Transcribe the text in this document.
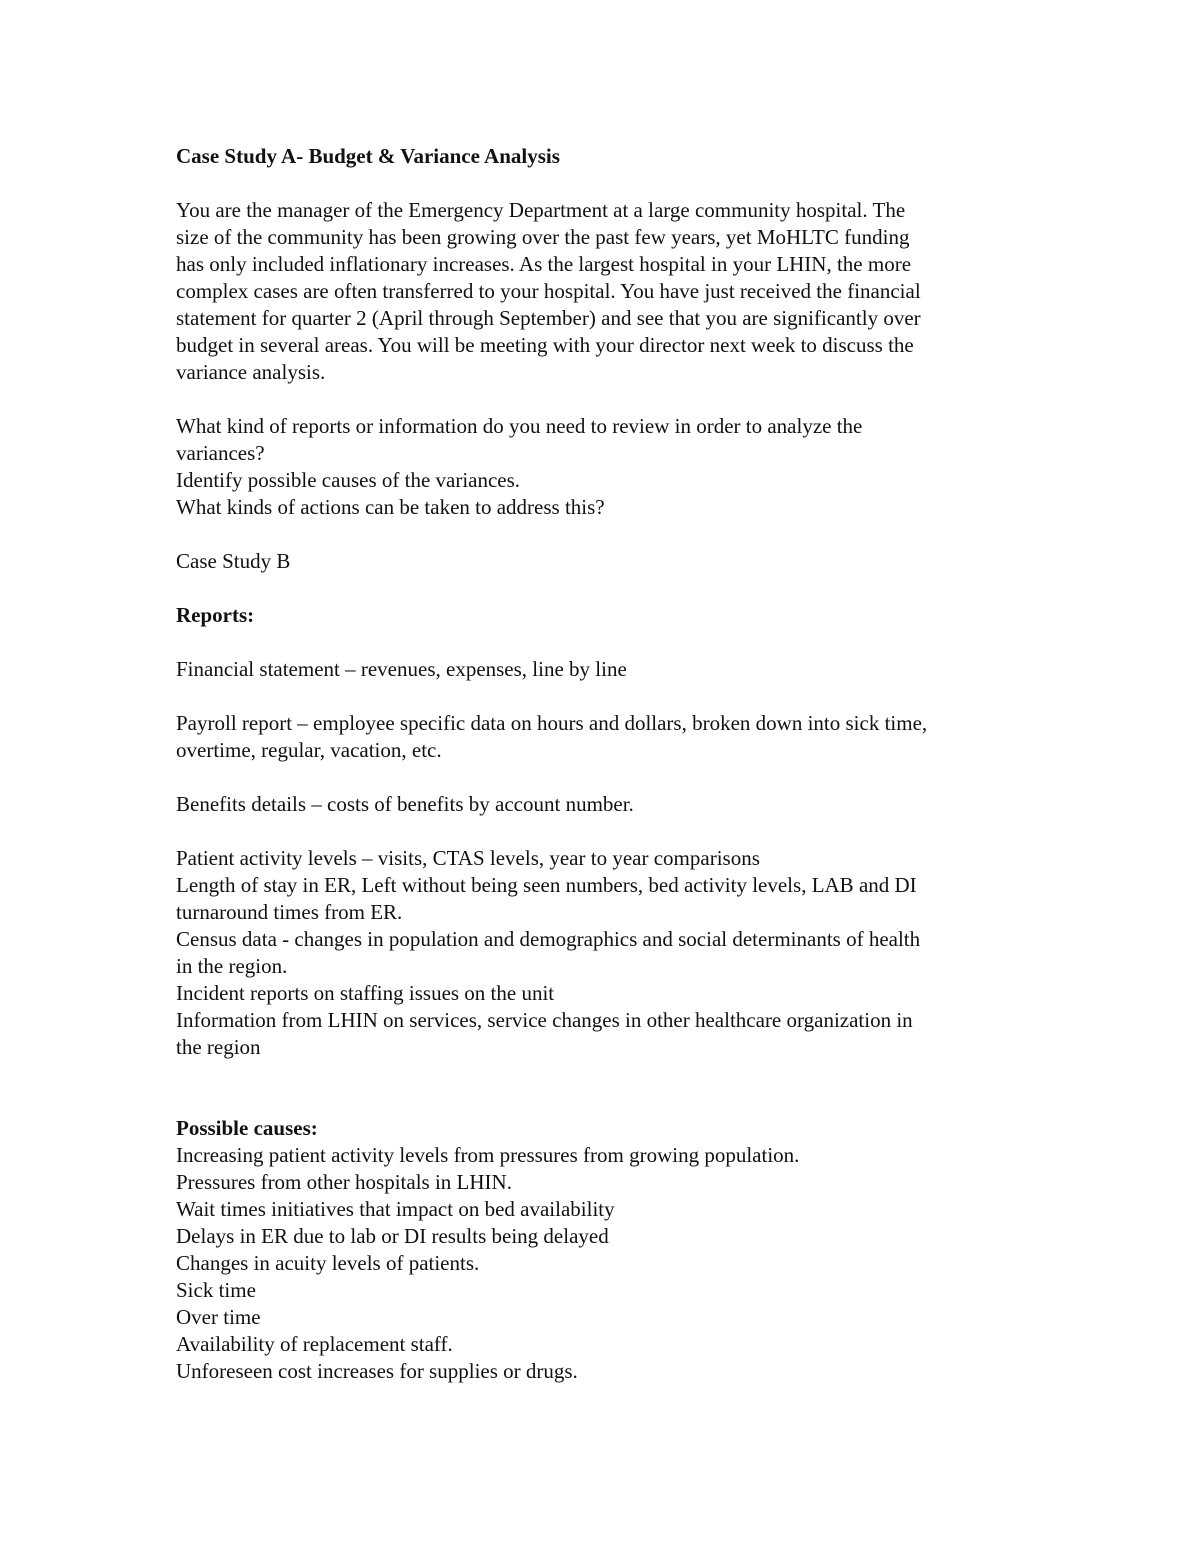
Case Study A- Budget & Variance Analysis

You are the manager of the Emergency Department at a large community hospital. The
size of the community has been growing over the past few years, yet MoHLTC funding
has only included inflationary increases. As the largest hospital in your LHIN, the more
complex cases are often transferred to your hospital. You have just received the financial
statement for quarter 2 (April through September) and see that you are significantly over
budget in several areas. You will be meeting with your director next week to discuss the
variance analysis.
What kind of reports or information do you need to review in order to analyze the
variances?
Identify possible causes of the variances.
What kinds of actions can be taken to address this?

Case Study B

Reports:

Financial statement – revenues, expenses, line by line

Payroll report – employee specific data on hours and dollars, broken down into sick time,
overtime, regular, vacation, etc.

Benefits details – costs of benefits by account number.

Patient activity levels – visits, CTAS levels, year to year comparisons
Length of stay in ER, Left without being seen numbers, bed activity levels, LAB and DI
turnaround times from ER.
Census data - changes in population and demographics and social determinants of health
in the region.
Incident reports on staffing issues on the unit
Information from LHIN on services, service changes in other healthcare organization in
the region

Possible causes:

Increasing patient activity levels from pressures from growing population.
Pressures from other hospitals in LHIN.
Wait times initiatives that impact on bed availability
Delays in ER due to lab or DI results being delayed
Changes in acuity levels of patients.
Sick time
Over time
Availability of replacement staff.
Unforeseen cost increases for supplies or drugs.
